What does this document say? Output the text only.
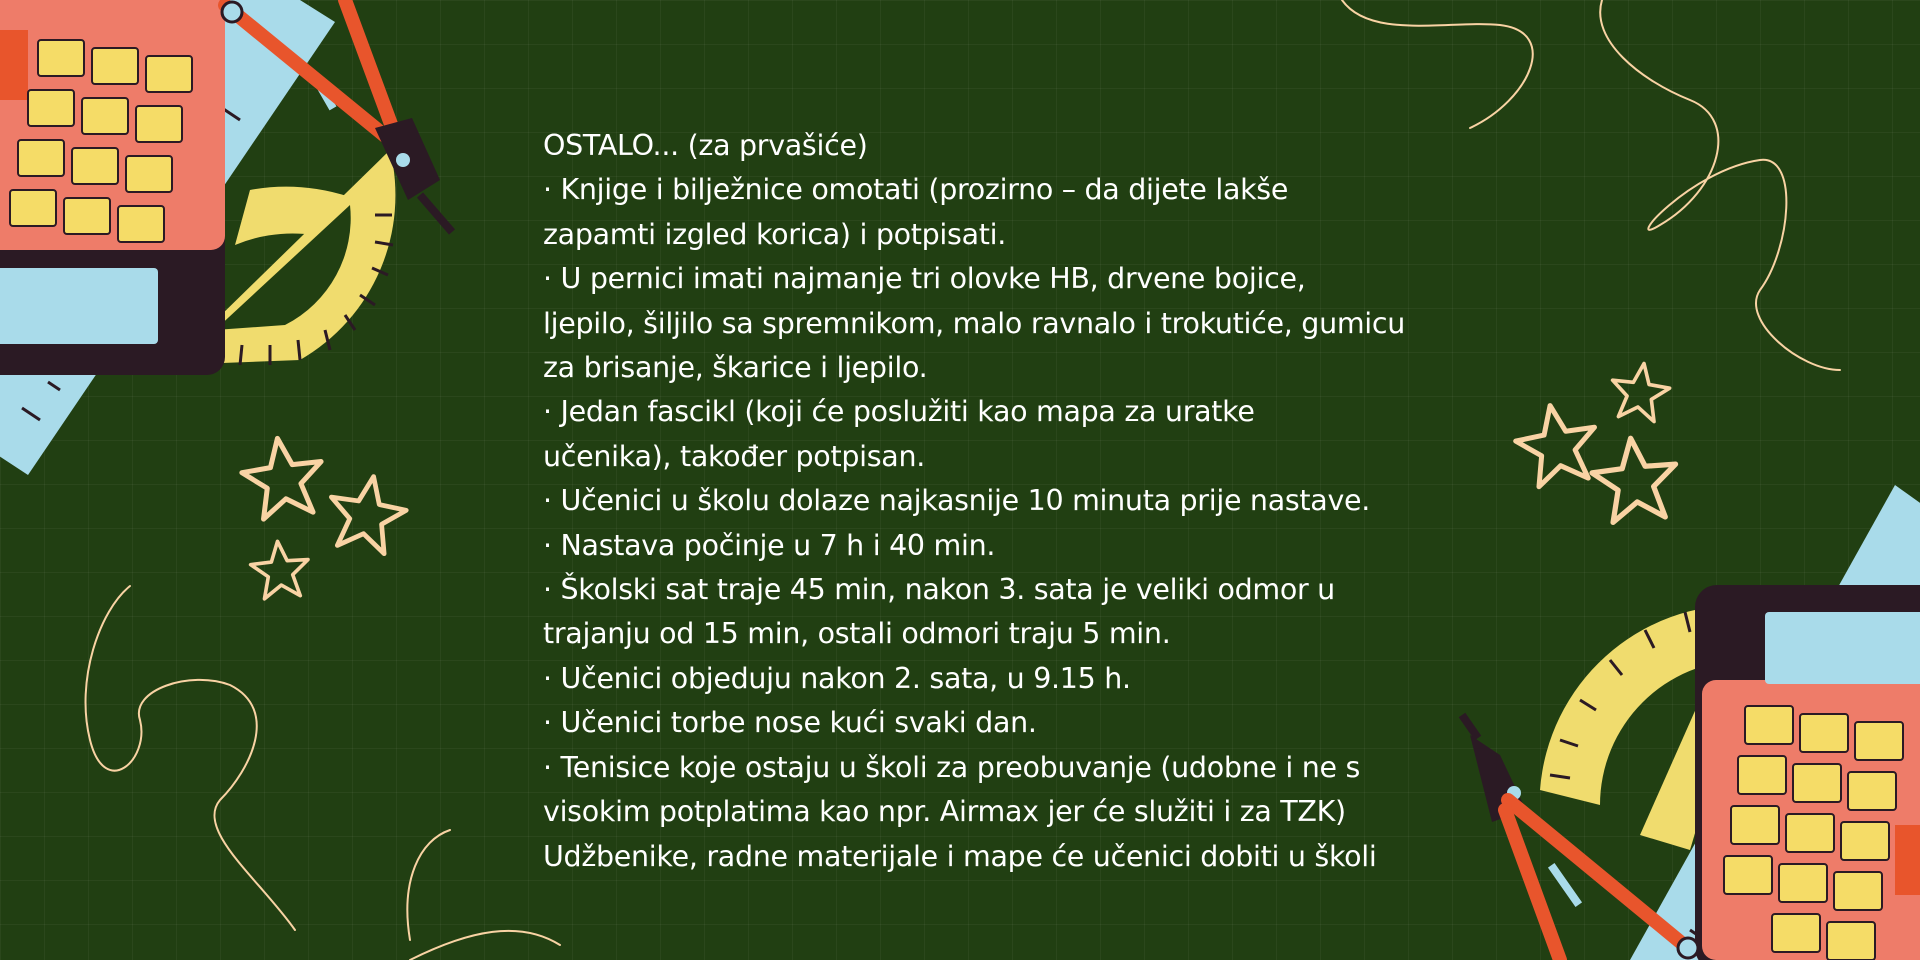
OSTALO... (za prvašiće)
· Knjige i bilježnice omotati (prozirno – da dijete lakše
zapamti izgled korica) i potpisati.
· U pernici imati najmanje tri olovke HB, drvene bojice,
ljepilo, šiljilo sa spremnikom, malo ravnalo i trokutiće, gumicu
za brisanje, škarice i ljepilo.
· Jedan fascikl (koji će poslužiti kao mapa za uratke
učenika), također potpisan.
· Učenici u školu dolaze najkasnije 10 minuta prije nastave.
· Nastava počinje u 7 h i 40 min.
· Školski sat traje 45 min, nakon 3. sata je veliki odmor u
trajanju od 15 min, ostali odmori traju 5 min.
· Učenici objeduju nakon 2. sata, u 9.15 h.
· Učenici torbe nose kući svaki dan.
· Tenisice koje ostaju u školi za preobuvanje (udobne i ne s
visokim potplatima kao npr. Airmax jer će služiti i za TZK)
Udžbenike, radne materijale i mape će učenici dobiti u školi
